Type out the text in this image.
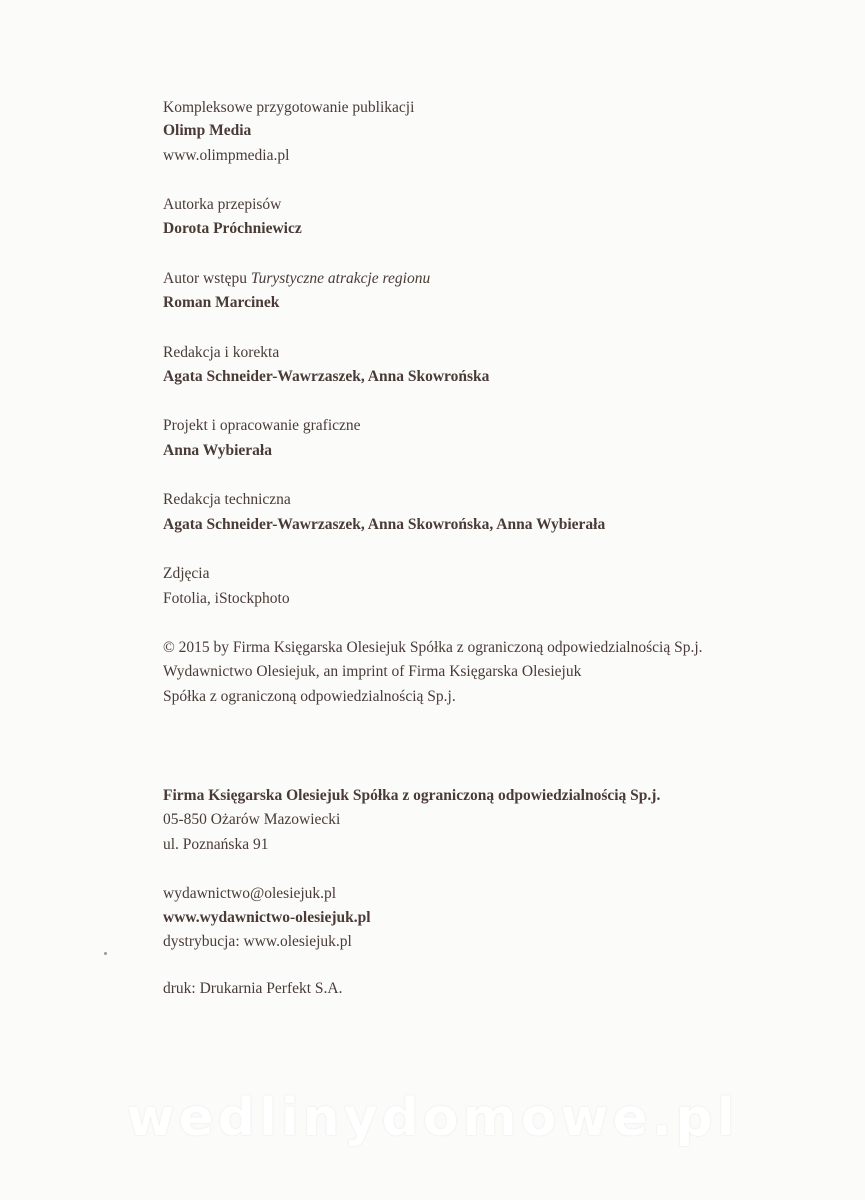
Kompleksowe przygotowanie publikacji
Olimp Media
www.olimpmedia.pl
Autorka przepisów
Dorota Próchniewicz
Autor wstępu Turystyczne atrakcje regionu
Roman Marcinek
Redakcja i korekta
Agata Schneider-Wawrzaszek, Anna Skowrońska
Projekt i opracowanie graficzne
Anna Wybierała
Redakcja techniczna
Agata Schneider-Wawrzaszek, Anna Skowrońska, Anna Wybierała
Zdjęcia
Fotolia, iStockphoto
© 2015 by Firma Księgarska Olesiejuk Spółka z ograniczoną odpowiedzialnością Sp.j.
Wydawnictwo Olesiejuk, an imprint of Firma Księgarska Olesiejuk
Spółka z ograniczoną odpowiedzialnością Sp.j.
Firma Księgarska Olesiejuk Spółka z ograniczoną odpowiedzialnością Sp.j.
05-850 Ożarów Mazowiecki
ul. Poznańska 91
wydawnictwo@olesiejuk.pl
www.wydawnictwo-olesiejuk.pl
dystrybucja: www.olesiejuk.pl
druk: Drukarnia Perfekt S.A.
wedlinydomowe.pl
